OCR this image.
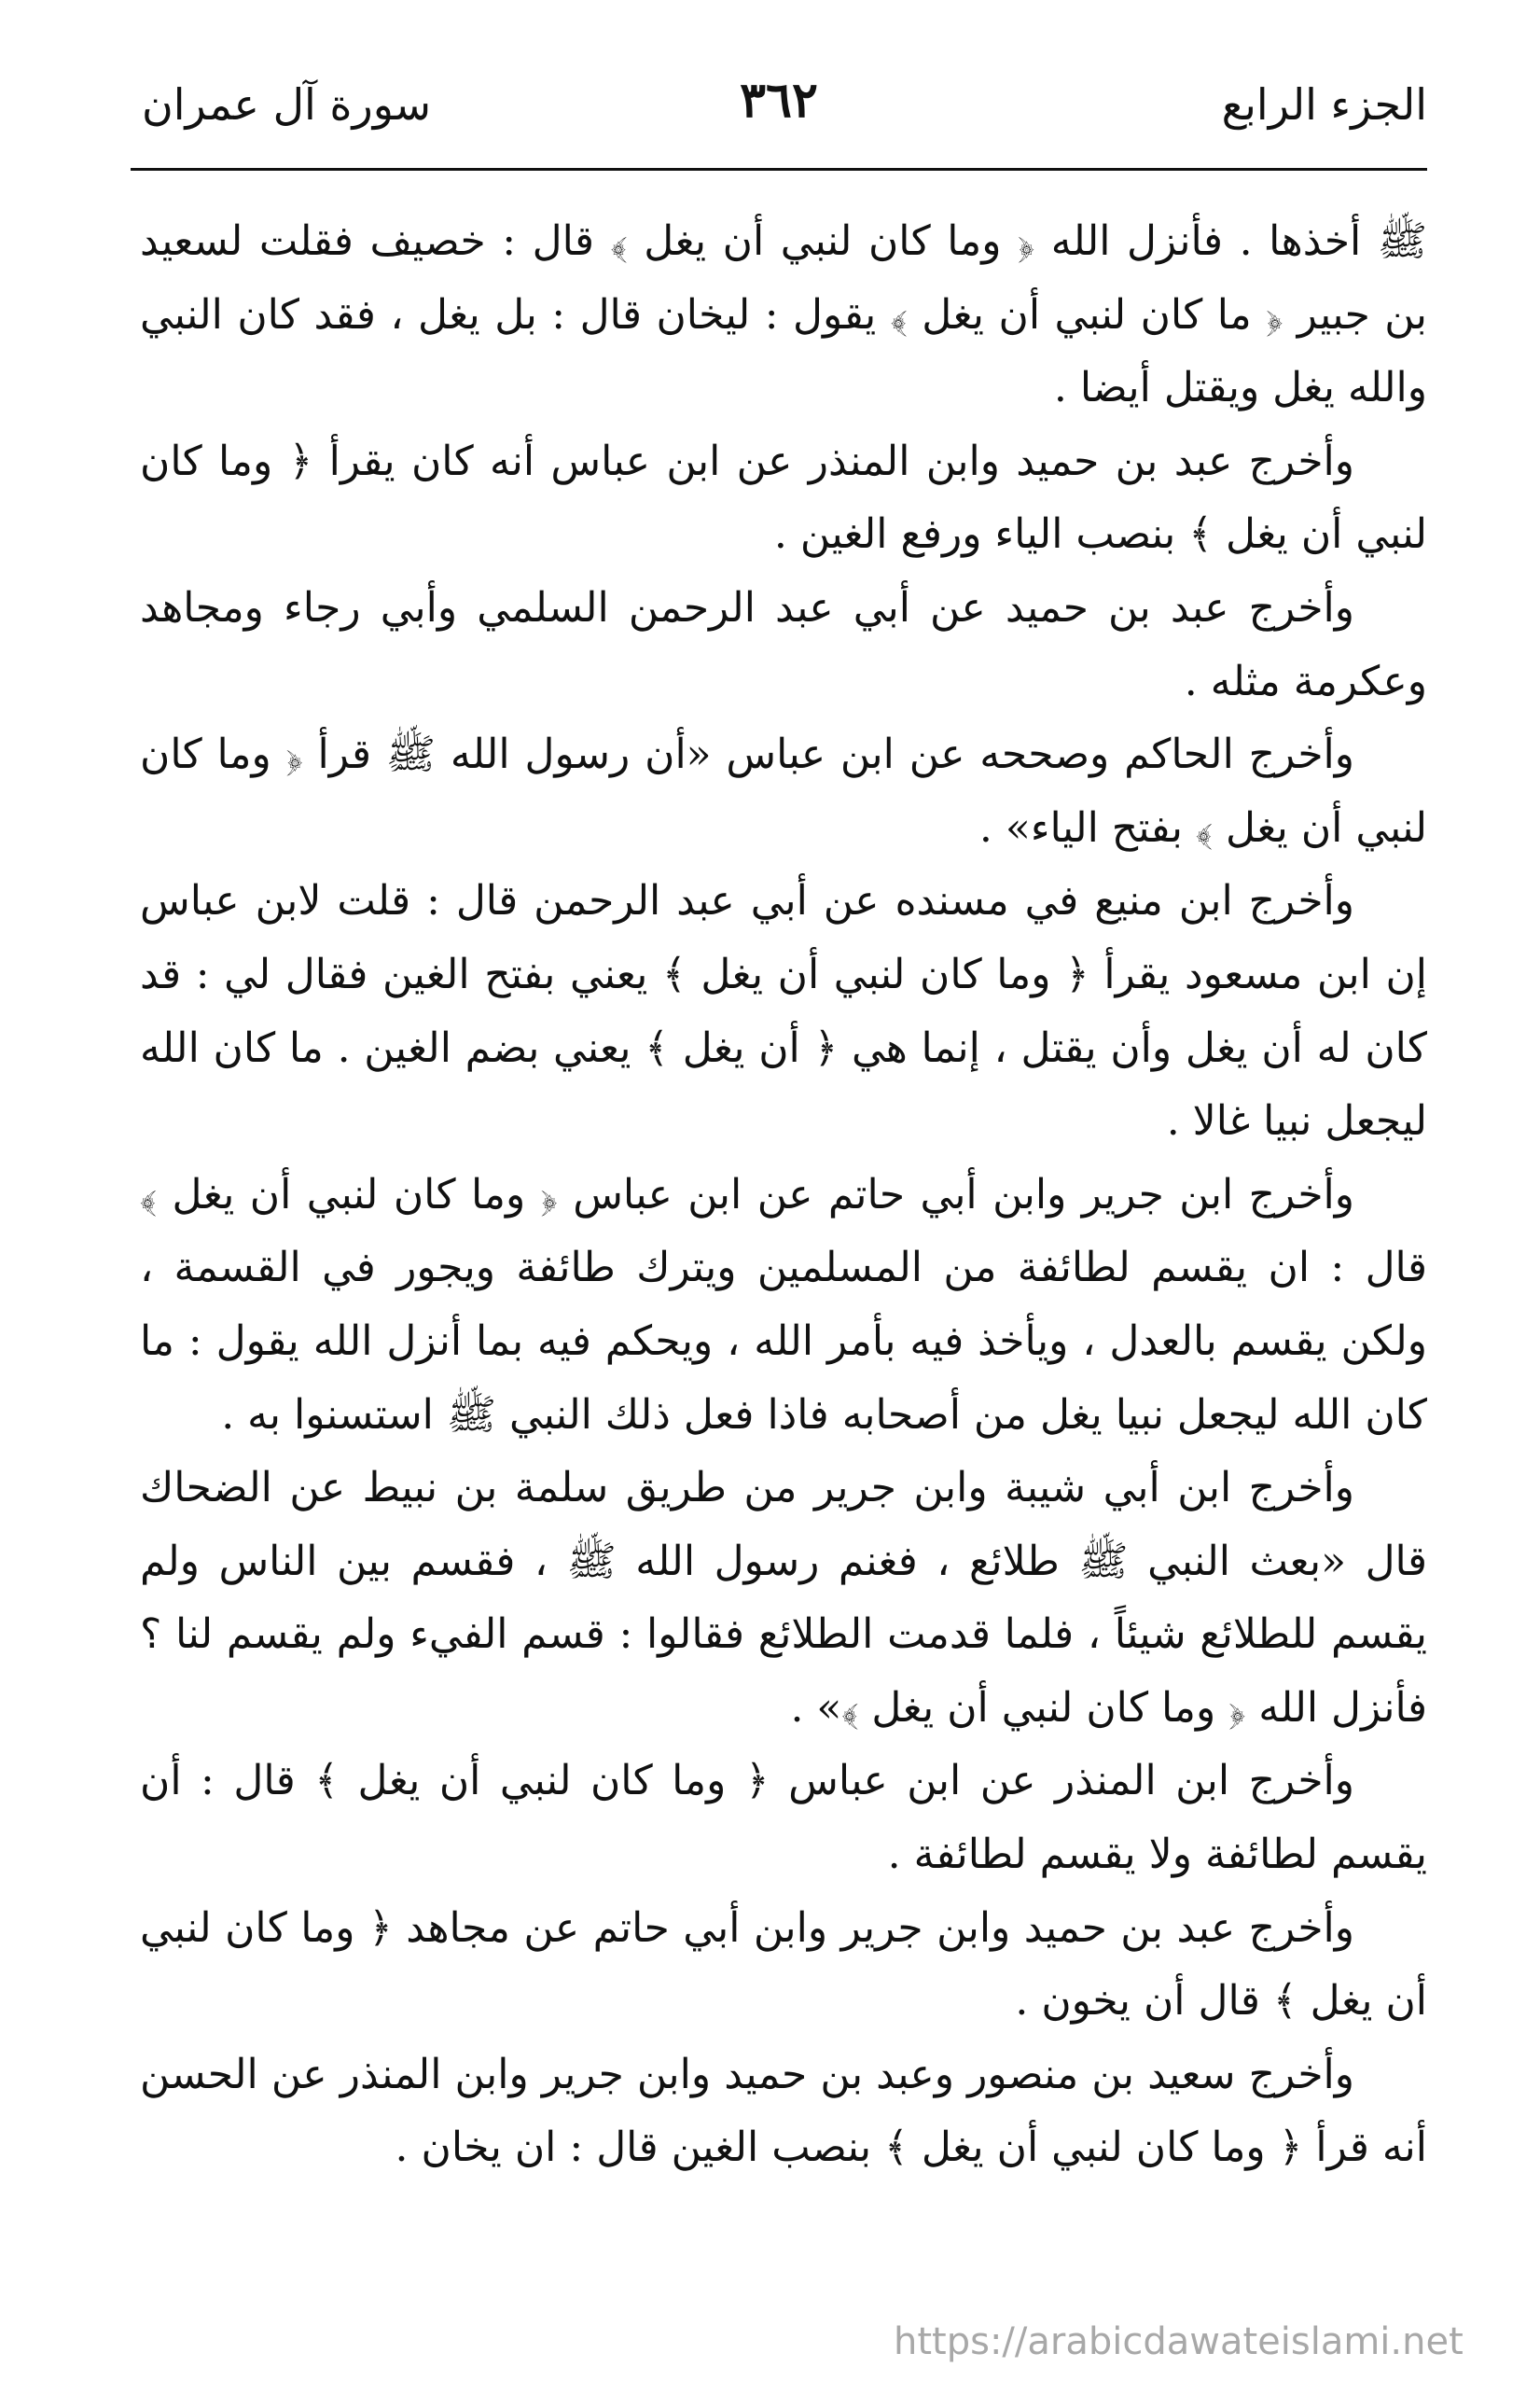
الجزء الرابع
٣٦٢
سورة آل عمران

ﷺ أخذها . فأنزل الله ﴿ وما كان لنبي أن يغل ﴾ قال : خصيف فقلت لسعيد بن جبير ﴿ ما كان لنبي أن يغل ﴾ يقول : ليخان قال : بل يغل ، فقد كان النبي والله يغل ويقتل أيضا .

وأخرج عبد بن حميد وابن المنذر عن ابن عباس أنه كان يقرأ ﴿ وما كان لنبي أن يغل ﴾ بنصب الياء ورفع الغين .

وأخرج عبد بن حميد عن أبي عبد الرحمن السلمي وأبي رجاء ومجاهد وعكرمة مثله .

وأخرج الحاكم وصححه عن ابن عباس «أن رسول الله ﷺ قرأ ﴿ وما كان لنبي أن يغل ﴾ بفتح الياء» .

وأخرج ابن منيع في مسنده عن أبي عبد الرحمن قال : قلت لابن عباس إن ابن مسعود يقرأ ﴿ وما كان لنبي أن يغل ﴾ يعني بفتح الغين فقال لي : قد كان له أن يغل وأن يقتل ، إنما هي ﴿ أن يغل ﴾ يعني بضم الغين . ما كان الله ليجعل نبيا غالا .

وأخرج ابن جرير وابن أبي حاتم عن ابن عباس ﴿ وما كان لنبي أن يغل ﴾ قال : ان يقسم لطائفة من المسلمين ويترك طائفة ويجور في القسمة ، ولكن يقسم بالعدل ، ويأخذ فيه بأمر الله ، ويحكم فيه بما أنزل الله يقول : ما كان الله ليجعل نبيا يغل من أصحابه فاذا فعل ذلك النبي ﷺ استسنوا به .

وأخرج ابن أبي شيبة وابن جرير من طريق سلمة بن نبيط عن الضحاك قال «بعث النبي ﷺ طلائع ، فغنم رسول الله ﷺ ، فقسم بين الناس ولم يقسم للطلائع شيئاً ، فلما قدمت الطلائع فقالوا : قسم الفيء ولم يقسم لنا ؟ فأنزل الله ﴿ وما كان لنبي أن يغل ﴾» .

وأخرج ابن المنذر عن ابن عباس ﴿ وما كان لنبي أن يغل ﴾ قال : أن يقسم لطائفة ولا يقسم لطائفة .

وأخرج عبد بن حميد وابن جرير وابن أبي حاتم عن مجاهد ﴿ وما كان لنبي أن يغل ﴾ قال أن يخون .

وأخرج سعيد بن منصور وعبد بن حميد وابن جرير وابن المنذر عن الحسن أنه قرأ ﴿ وما كان لنبي أن يغل ﴾ بنصب الغين قال : ان يخان .

https://arabicdawateislami.net
